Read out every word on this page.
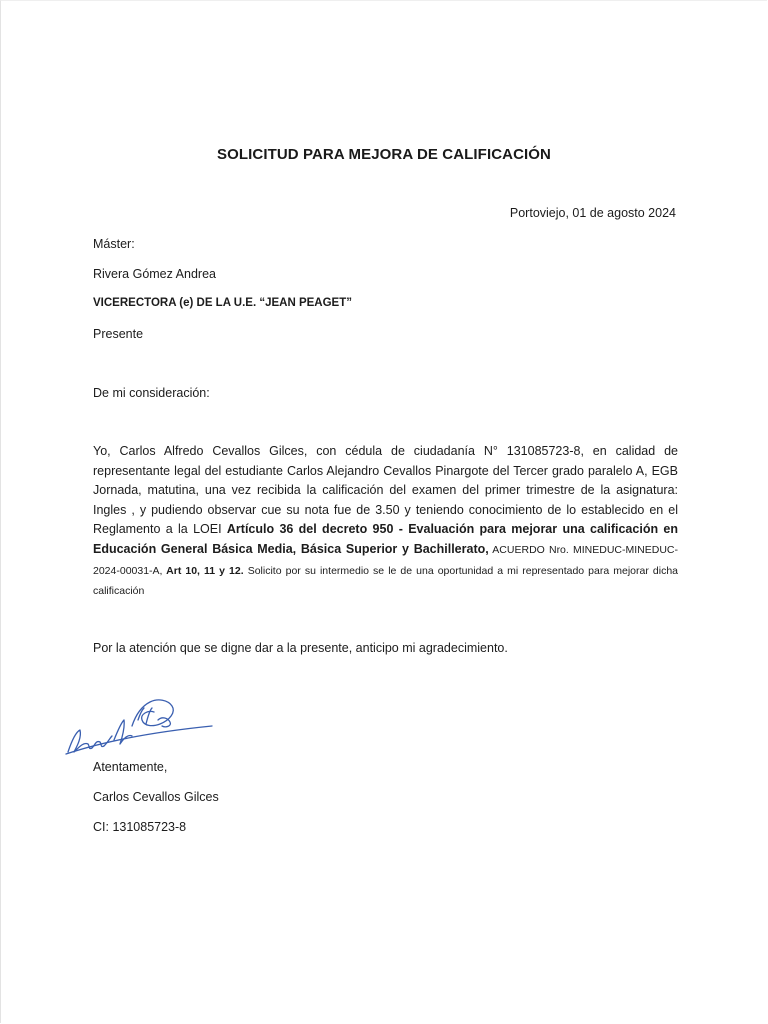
SOLICITUD PARA MEJORA DE CALIFICACIÓN
Portoviejo, 01 de agosto 2024
Máster:
Rivera Gómez Andrea
VICERECTORA (e) DE LA U.E. “JEAN PEAGET”
Presente
De mi consideración:
Yo, Carlos Alfredo Cevallos Gilces, con cédula de ciudadanía N° 131085723-8, en calidad de representante legal del estudiante Carlos Alejandro Cevallos Pinargote del Tercer grado paralelo A, EGB Jornada, matutina, una vez recibida la calificación del examen del primer trimestre de la asignatura: Ingles , y pudiendo observar cue su nota fue de 3.50 y teniendo conocimiento de lo establecido en el Reglamento a la LOEI Artículo 36 del decreto 950 - Evaluación para mejorar una calificación en Educación General Básica Media, Básica Superior y Bachillerato, ACUERDO Nro. MINEDUC-MINEDUC-2024-00031-A, Art 10, 11 y 12. Solicito por su intermedio se le de una oportunidad a mi representado para mejorar dicha calificación
Por la atención que se digne dar a la presente, anticipo mi agradecimiento.
Atentamente,
Carlos Cevallos Gilces
CI: 131085723-8
